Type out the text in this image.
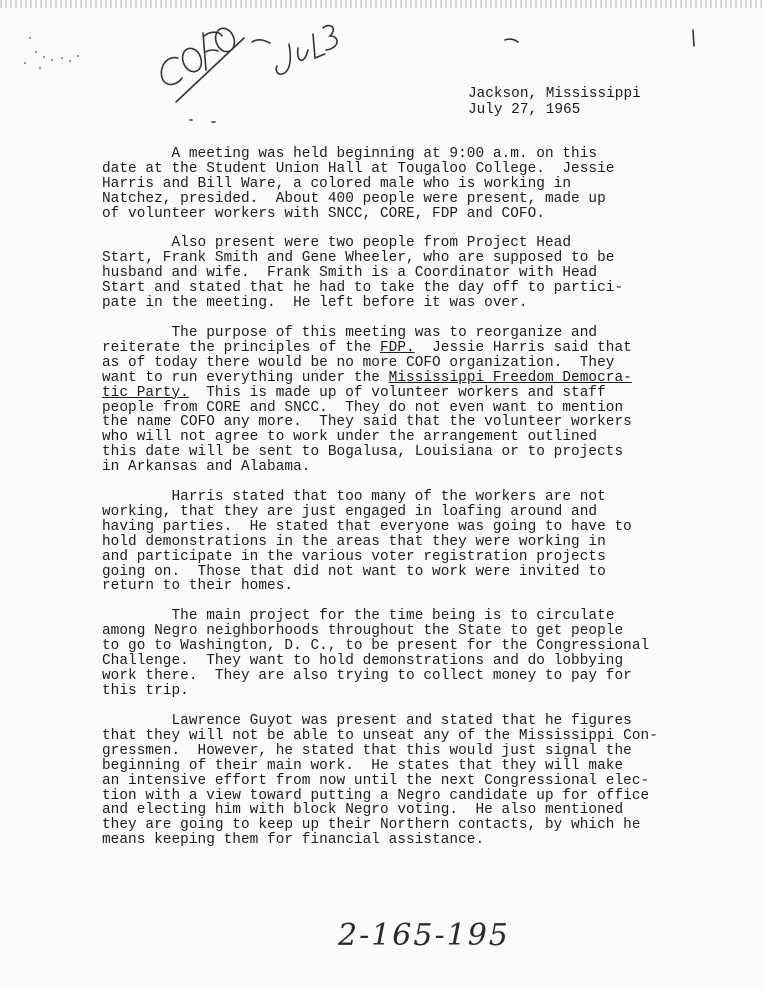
Jackson, Mississippi
July 27, 1965
A meeting was held beginning at 9:00 a.m. on this
date at the Student Union Hall at Tougaloo College.  Jessie
Harris and Bill Ware, a colored male who is working in
Natchez, presided.  About 400 people were present, made up
of volunteer workers with SNCC, CORE, FDP and COFO.
Also present were two people from Project Head
Start, Frank Smith and Gene Wheeler, who are supposed to be
husband and wife.  Frank Smith is a Coordinator with Head
Start and stated that he had to take the day off to partici-
pate in the meeting.  He left before it was over.
The purpose of this meeting was to reorganize and
reiterate the principles of the FDP.  Jessie Harris said that
as of today there would be no more COFO organization.  They
want to run everything under the Mississippi Freedom Democra-
tic Party.  This is made up of volunteer workers and staff
people from CORE and SNCC.  They do not even want to mention
the name COFO any more.  They said that the volunteer workers
who will not agree to work under the arrangement outlined
this date will be sent to Bogalusa, Louisiana or to projects
in Arkansas and Alabama.
Harris stated that too many of the workers are not
working, that they are just engaged in loafing around and
having parties.  He stated that everyone was going to have to
hold demonstrations in the areas that they were working in
and participate in the various voter registration projects
going on.  Those that did not want to work were invited to
return to their homes.
The main project for the time being is to circulate
among Negro neighborhoods throughout the State to get people
to go to Washington, D. C., to be present for the Congressional
Challenge.  They want to hold demonstrations and do lobbying
work there.  They are also trying to collect money to pay for
this trip.
Lawrence Guyot was present and stated that he figures
that they will not be able to unseat any of the Mississippi Con-
gressmen.  However, he stated that this would just signal the
beginning of their main work.  He states that they will make
an intensive effort from now until the next Congressional elec-
tion with a view toward putting a Negro candidate up for office
and electing him with block Negro voting.  He also mentioned
they are going to keep up their Northern contacts, by which he
means keeping them for financial assistance.
2-165-195
